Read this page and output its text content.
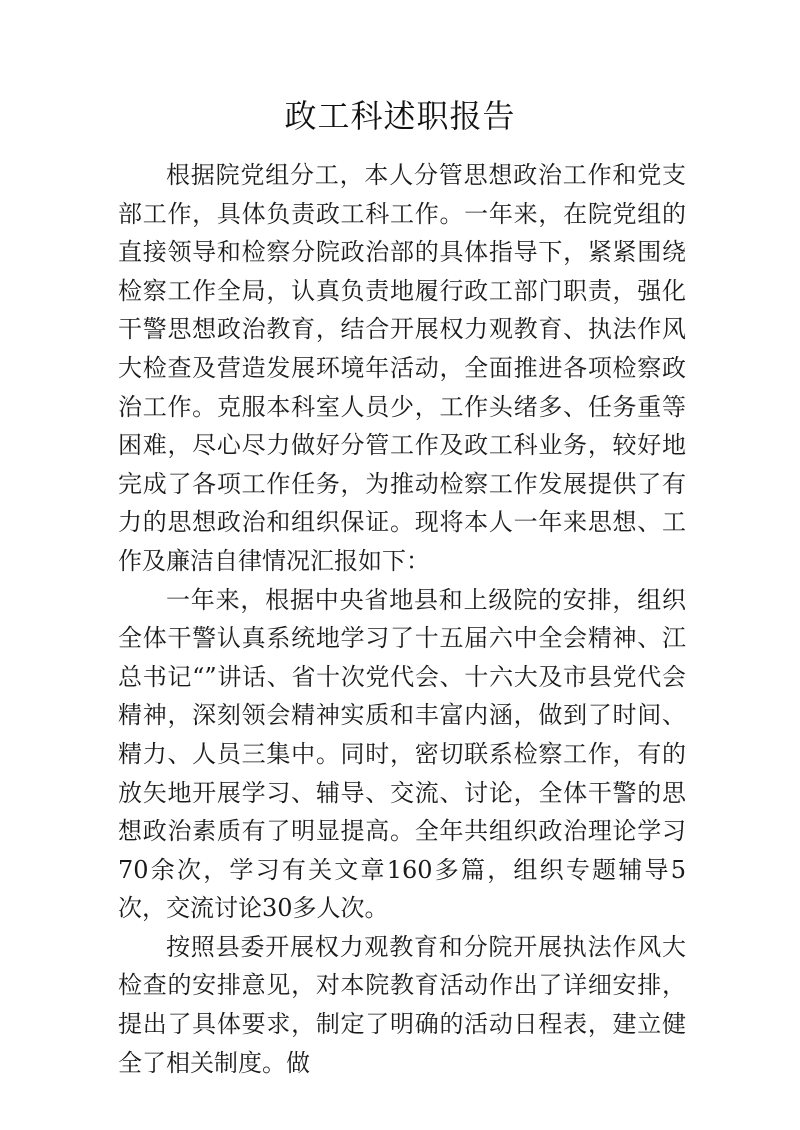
政工科述职报告

根据院党组分工，本人分管思想政治工作和党支部工作，具体负责政工科工作。一年来，在院党组的直接领导和检察分院政治部的具体指导下，紧紧围绕检察工作全局，认真负责地履行政工部门职责，强化干警思想政治教育，结合开展权力观教育、执法作风大检查及营造发展环境年活动，全面推进各项检察政治工作。克服本科室人员少，工作头绪多、任务重等困难，尽心尽力做好分管工作及政工科业务，较好地完成了各项工作任务，为推动检察工作发展提供了有力的思想政治和组织保证。现将本人一年来思想、工作及廉洁自律情况汇报如下：

一年来，根据中央省地县和上级院的安排，组织全体干警认真系统地学习了十五届六中全会精神、江总书记“”讲话、省十次党代会、十六大及市县党代会精神，深刻领会精神实质和丰富内涵，做到了时间、精力、人员三集中。同时，密切联系检察工作，有的放矢地开展学习、辅导、交流、讨论，全体干警的思想政治素质有了明显提高。全年共组织政治理论学习70余次，学习有关文章160多篇，组织专题辅导5次，交流讨论30多人次。

按照县委开展权力观教育和分院开展执法作风大检查的安排意见，对本院教育活动作出了详细安排，提出了具体要求，制定了明确的活动日程表，建立健全了相关制度。做
